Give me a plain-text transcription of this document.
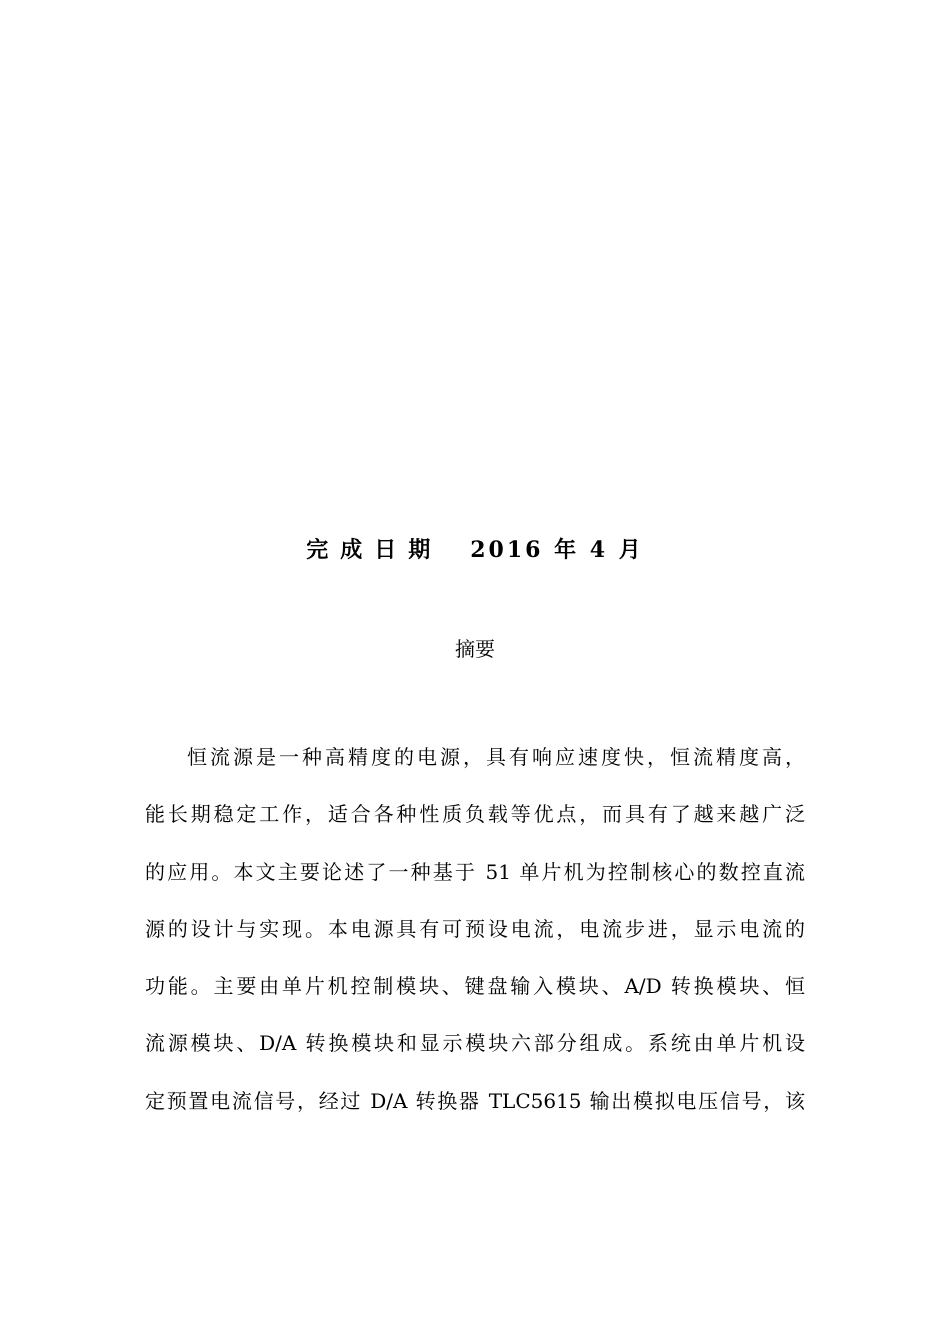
完成日期 2016 年 4 月
摘要
恒流源是一种高精度的电源，具有响应速度快，恒流精度高，
能长期稳定工作，适合各种性质负载等优点，而具有了越来越广泛
的应用。本文主要论述了一种基于 51 单片机为控制核心的数控直流
源的设计与实现。本电源具有可预设电流，电流步进，显示电流的
功能。主要由单片机控制模块、键盘输入模块、A/D 转换模块、恒
流源模块、D/A 转换模块和显示模块六部分组成。系统由单片机设
定预置电流信号，经过 D/A 转换器 TLC5615 输出模拟电压信号，该
